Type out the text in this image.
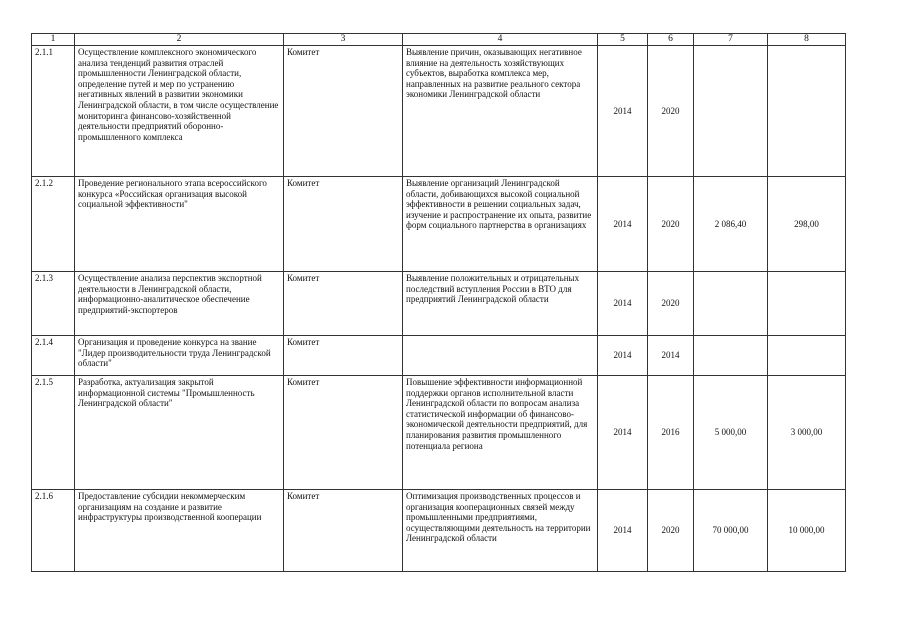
1	2	3	4	5	6	7	8
2.1.1	Осуществление комплексного экономического анализа тенденций развития отраслей промышленности Ленинградской области, определение путей и мер по устранению негативных явлений в развитии экономики Ленинградской области, в том числе осуществление мониторинга финансово-хозяйственной деятельности предприятий оборонно-промышленного комплекса	Комитет	Выявление причин, оказывающих негативное влияние на деятельность хозяйствующих субъектов, выработка комплекса мер, направленных на развитие реального сектора экономики Ленинградской области	2014	2020		
2.1.2	Проведение регионального этапа всероссийского конкурса «Российская организация высокой социальной эффективности"	Комитет	Выявление организаций Ленинградской области, добивающихся высокой социальной эффективности в решении социальных задач, изучение и распространение их опыта, развитие форм социального партнерства в организациях	2014	2020	2 086,40	298,00
2.1.3	Осуществление анализа перспектив экспортной деятельности в Ленинградской области, информационно-аналитическое обеспечение предприятий-экспортеров	Комитет	Выявление положительных и отрицательных последствий вступления России в ВТО для предприятий Ленинградской области	2014	2020		
2.1.4	Организация и проведение конкурса на звание "Лидер производительности труда Ленинградской области"	Комитет		2014	2014		
2.1.5	Разработка, актуализация закрытой информационной системы "Промышленность Ленинградской области"	Комитет	Повышение эффективности информационной поддержки органов исполнительной власти Ленинградской области по вопросам анализа статистической информации об финансово-экономической деятельности предприятий, для планирования развития промышленного потенциала региона	2014	2016	5 000,00	3 000,00
2.1.6	Предоставление субсидии некоммерческим организациям на создание и развитие инфраструктуры производственной кооперации	Комитет	Оптимизация производственных процессов и организация кооперационных связей между промышленными предприятиями, осуществляющими деятельность на территории Ленинградской области	2014	2020	70 000,00	10 000,00
